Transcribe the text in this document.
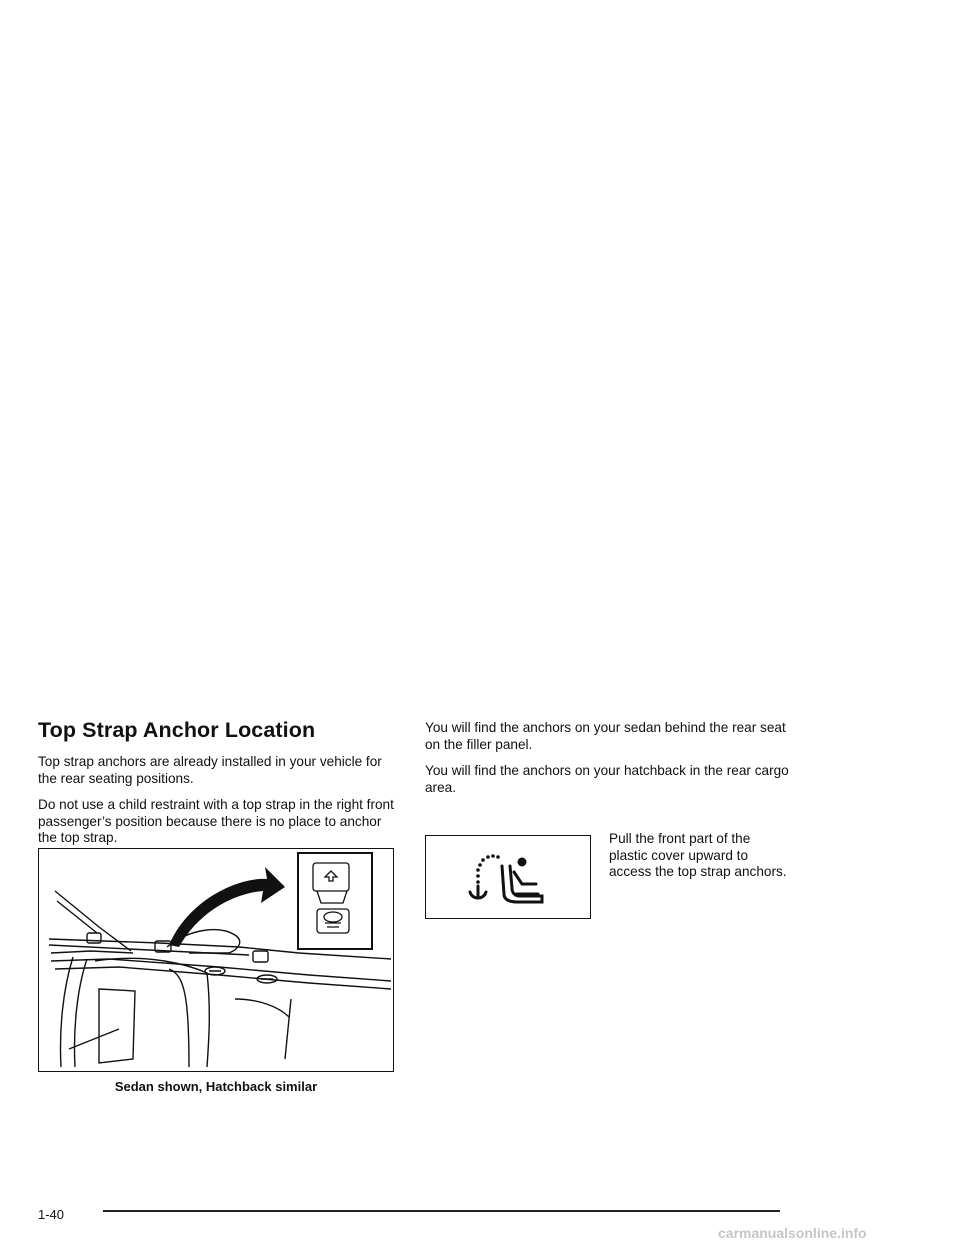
Top Strap Anchor Location

Top strap anchors are already installed in your vehicle for the rear seating positions.

Do not use a child restraint with a top strap in the right front passenger’s position because there is no place to anchor the top strap.

Sedan shown, Hatchback similar

You will find the anchors on your sedan behind the rear seat on the filler panel.

You will find the anchors on your hatchback in the rear cargo area.

Pull the front part of the plastic cover upward to access the top strap anchors.

1-40
carmanualsonline.info
